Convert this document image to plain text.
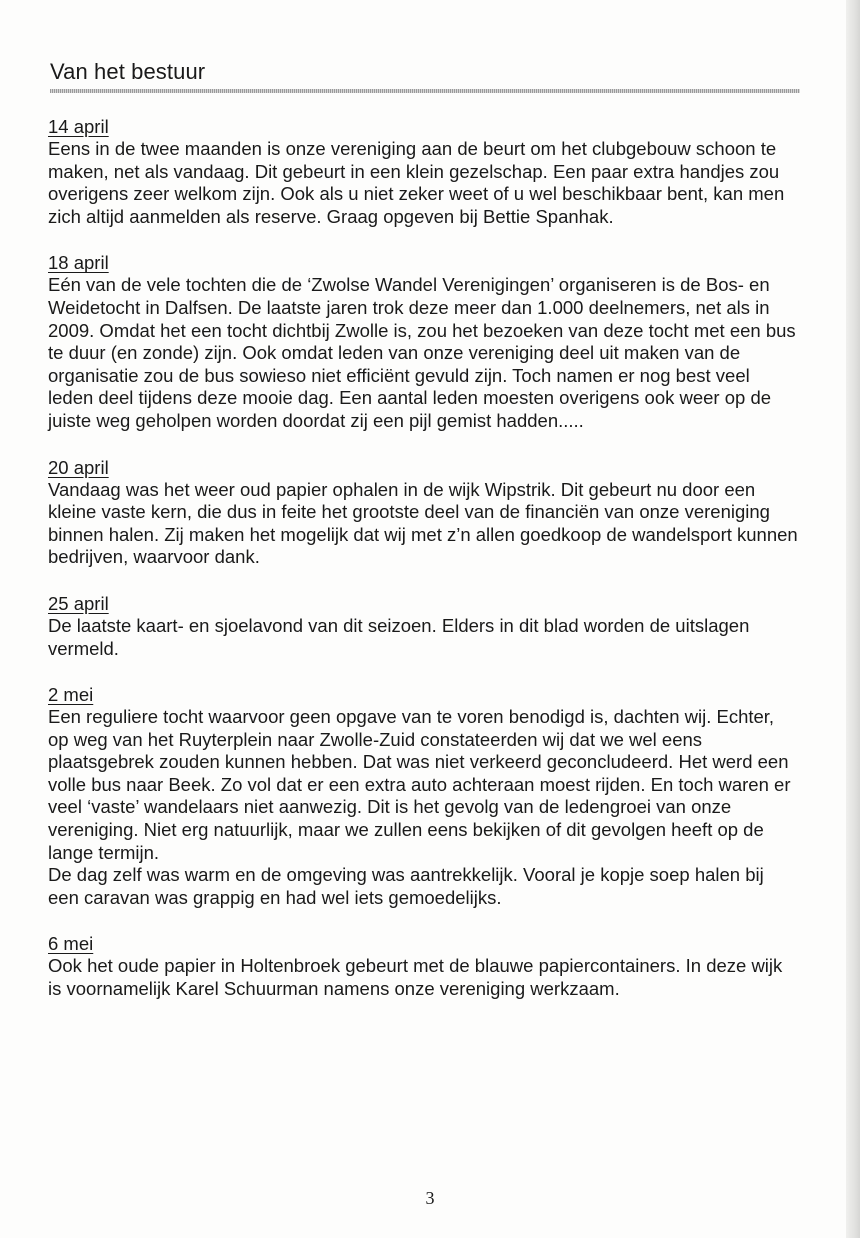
Van het bestuur
14 april

Eens in de twee maanden is onze vereniging aan de beurt om het clubgebouw schoon te maken, net als vandaag. Dit gebeurt in een klein gezelschap. Een paar extra handjes zou overigens zeer welkom zijn. Ook als u niet zeker weet of u wel beschikbaar bent, kan men zich altijd aanmelden als reserve. Graag opgeven bij Bettie Spanhak.

18 april

Eén van de vele tochten die de ‘Zwolse Wandel Verenigingen’ organiseren is de Bos- en Weidetocht in Dalfsen. De laatste jaren trok deze meer dan 1.000 deelnemers, net als in 2009. Omdat het een tocht dichtbij Zwolle is, zou het bezoeken van deze tocht met een bus te duur (en zonde) zijn. Ook omdat leden van onze vereniging deel uit maken van de organisatie zou de bus sowieso niet efficiënt gevuld zijn. Toch namen er nog best veel leden deel tijdens deze mooie dag. Een aantal leden moesten overigens ook weer op de juiste weg geholpen worden doordat zij een pijl gemist hadden.....

20 april

Vandaag was het weer oud papier ophalen in de wijk Wipstrik. Dit gebeurt nu door een kleine vaste kern, die dus in feite het grootste deel van de financiën van onze vereniging binnen halen. Zij maken het mogelijk dat wij met z’n allen goedkoop de wandelsport kunnen bedrijven, waarvoor dank.

25 april

De laatste kaart- en sjoelavond van dit seizoen. Elders in dit blad worden de uitslagen vermeld.

2 mei

Een reguliere tocht waarvoor geen opgave van te voren benodigd is, dachten wij. Echter, op weg van het Ruyterplein naar Zwolle-Zuid constateerden wij dat we wel eens plaatsgebrek zouden kunnen hebben. Dat was niet verkeerd geconcludeerd. Het werd een volle bus naar Beek. Zo vol dat er een extra auto achteraan moest rijden. En toch waren er veel ‘vaste’ wandelaars niet aanwezig. Dit is het gevolg van de ledengroei van onze vereniging. Niet erg natuurlijk, maar we zullen eens bekijken of dit gevolgen heeft op de lange termijn.

De dag zelf was warm en de omgeving was aantrekkelijk. Vooral je kopje soep halen bij een caravan was grappig en had wel iets gemoedelijks.

6 mei

Ook het oude papier in Holtenbroek gebeurt met de blauwe papiercontainers. In deze wijk is voornamelijk Karel Schuurman namens onze vereniging werkzaam.

3
